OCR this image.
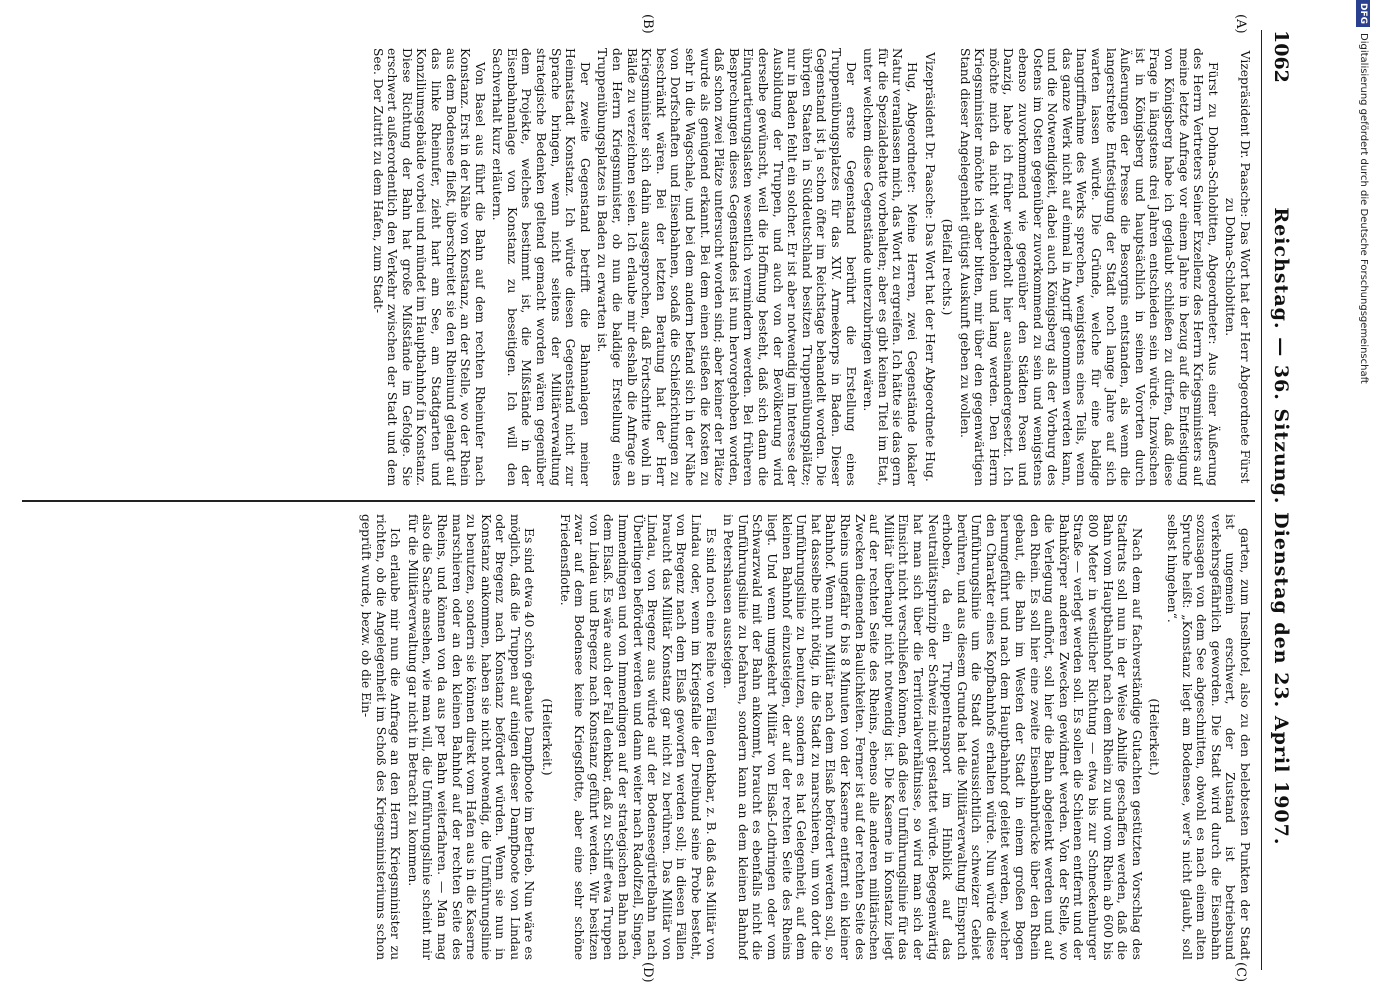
1062
Reichstag. — 36. Sitzung. Dienstag den 23. April 1907.
(A)
(B)
(C)
(D)

Vizepräsident Dr. Paasche: Das Wort hat der Herr Abgeordnete Fürst zu Dohna-Schlobitten.

Fürst zu Dohna-Schlobitten, Abgeordneter: Aus einer Äußerung des Herrn Vertreters Seiner Exzellenz des Herrn Kriegsministers auf meine letzte Anfrage vor einem Jahre in bezug auf die Entfestigung von Königsberg habe ich geglaubt schließen zu dürfen, daß diese Frage in längstens drei Jahren entschieden sein würde. Inzwischen ist in Königsberg und hauptsächlich in seinen Vororten durch Äußerungen der Presse die Besorgnis entstanden, als wenn die langerstrebte Entfestigung der Stadt noch lange Jahre auf sich warten lassen würde. Die Gründe, welche für eine baldige Inangriffnahme des Werks sprechen, wenigstens eines Teils, wenn das ganze Werk nicht auf einmal in Angriff genommen werden kann, und die Notwendigkeit, dabei auch Königsberg als der Vorburg des Ostens im Osten gegenüber zuvorkommend zu sein und wenigstens ebenso zuvorkommend wie gegenüber den Städten Posen und Danzig, habe ich früher wiederholt hier auseinandergesetzt. Ich möchte mich da nicht wiederholen und lang werden. Den Herrn Kriegsminister möchte ich aber bitten, mir über den gegenwärtigen Stand dieser Angelegenheit gütigst Auskunft geben zu wollen.

(Beifall rechts.)

Vizepräsident Dr. Paasche: Das Wort hat der Herr Abgeordnete Hug.

Hug, Abgeordneter: Meine Herren, zwei Gegenstände lokaler Natur veranlassen mich, das Wort zu ergreifen. Ich hätte sie das gern für die Spezialdebatte vorbehalten; aber es gibt keinen Titel im Etat, unter welchem diese Gegenstände unterzubringen wären.

Der erste Gegenstand berührt die Erstellung eines Truppenübungsplatzes für das XIV. Armeekorps in Baden. Dieser Gegenstand ist ja schon öfter im Reichstage behandelt worden. Die übrigen Staaten in Süddeutschland besitzen Truppenübungsplätze; nur in Baden fehlt ein solcher. Er ist aber notwendig im Interesse der Ausbildung der Truppen, und auch von der Bevölkerung wird derselbe gewünscht, weil die Hoffnung besteht, daß sich dann die Einquartierungslasten wesentlich vermindern werden. Bei früheren Besprechungen dieses Gegenstandes ist nun hervorgehoben worden, daß schon zwei Plätze untersucht worden sind; aber keiner der Plätze wurde als genügend erkannt. Bei dem einen stießen die Kosten zu sehr in die Wagschale, und bei dem andern befand sich in der Nähe von Dorfschaften und Eisenbahnen, sodaß die Schießrichtungen zu beschränkt wären. Bei der letzten Beratung hat der Herr Kriegsminister sich dahin ausgesprochen, daß Fortschritte wohl in Bälde zu verzeichnen seien. Ich erlaube mir deshalb die Anfrage an den Herrn Kriegsminister, ob nun die baldige Erstellung eines Truppenübungsplatzes in Baden zu erwarten ist.

Der zweite Gegenstand betrifft die Bahnanlagen meiner Heimatstadt Konstanz. Ich würde diesen Gegenstand nicht zur Sprache bringen, wenn nicht seitens der Militärverwaltung strategische Bedenken geltend gemacht worden wären gegenüber dem Projekte, welches bestimmt ist, die Mißstände in der Eisenbahnanlage von Konstanz zu beseitigen. Ich will den Sachverhalt kurz erläutern.

Von Basel aus führt die Bahn auf dem rechten Rheinufer nach Konstanz. Erst in der Nähe von Konstanz, an der Stelle, wo der Rhein aus dem Bodensee fließt, überschreitet sie den Rheinund gelangt auf das linke Rheinufer, zieht hart am See, am Stadtgarten und Konziliumsgebäude vorbei und mündet im Hauptbahnhof in Konstanz. Diese Richtung der Bahn hat große Mißstände im Gefolge. Sie erschwert außerordentlich den Verkehr zwischen der Stadt und dem See. Der Zutritt zu dem Hafen, zum Stadt-

garten, zum Inselhotel, also zu den belebtesten Punkten der Stadt ist ungemein erschwert, der Zustand ist betriebsund verkehrsgefährlich geworden. Die Stadt wird durch die Eisenbahn sozusagen von dem See abgeschnitten, obwohl es nach einem alten Spruche heißt: „Konstanz liegt am Bodensee, wer's nicht glaubt, soll selbst hingehen“.

(Heiterkeit.)

Nach dem auf fachverständige Gutachten gestützten Vorschlag des Stadtrats soll nun in der Weise Abhilfe geschaffen werden, daß die Bahn vom Hauptbahnhof nach dem Rhein zu und vom Rhein ab 600 bis 800 Meter in westlicher Richtung — etwa bis zur Schneckenburger Straße — verlegt werden soll. Es sollen die Schienen entfernt und der Bahnkörper anderen Zwecken gewidmet werden. Von der Stelle, wo die Verlegung aufhört, soll hier die Bahn abgelenkt werden und auf den Rhein. Es soll hier eine zweite Eisenbahnbrücke über den Rhein gebaut, die Bahn im Westen der Stadt in einem großen Bogen herumgeführt und nach dem Hauptbahnhof geleitet werden, welcher den Charakter eines Kopfbahnhofs erhalten würde. Nun würde diese Umführungslinie um die Stadt voraussichtlich schweizer Gebiet berühren, und aus diesem Grunde hat die Militärverwaltung Einspruch erhoben, da ein Truppentransport im Hinblick auf das Neutralitätsprinzip der Schweiz nicht gestattet würde. Begegenwärtig hat man sich über die Territorialverhältnisse, so wird man sich der Einsicht nicht verschließen können, daß diese Umführungslinie für das Militär überhaupt nicht notwendig ist. Die Kaserne in Konstanz liegt auf der rechten Seite des Rheins, ebenso alle anderen militärischen Zwecken dienenden Baulichkeiten. Ferner ist auf der rechten Seite des Rheins ungefähr 6 bis 8 Minuten von der Kaserne entfernt ein kleiner Bahnhof. Wenn nun Militär nach dem Elsaß befördert werden soll, so hat dasselbe nicht nötig, in die Stadt zu marschieren, um von dort die Umführungslinie zu benutzen, sondern es hat Gelegenheit, auf dem kleinen Bahnhof einzusteigen, der auf der rechten Seite des Rheins liegt. Und wenn umgekehrt Militär von Elsaß-Lothringen oder vom Schwarzwald mit der Bahn ankommt, braucht es ebenfalls nicht die Umführungslinie zu befahren, sondern kann an dem kleinen Bahnhof in Petershausen aussteigen.

Es sind noch eine Reihe von Fällen denkbar, z. B. daß das Militär von Lindau oder, wenn im Kriegsfalle der Dreibund seine Probe besteht, von Bregenz nach dem Elsaß geworfen werden soll; in diesen Fällen braucht das Militär Konstanz gar nicht zu berühren. Das Militär von Lindau, von Bregenz aus würde auf der Bodenseegürtelbahn nach Überlingen befördert werden und dann weiter nach Radolfzell, Singen, Immendingen und von Immendingen auf der strategischen Bahn nach dem Elsaß. Es wäre auch der Fall denkbar, daß zu Schiff etwa Truppen von Lindau und Bregenz nach Konstanz geführt werden. Wir besitzen zwar auf dem Bodensee keine Kriegsflotte, aber eine sehr schöne Friedensflotte.

(Heiterkeit.)

Es sind etwa 40 schön gebaute Dampfboote im Betrieb. Nun wäre es möglich, daß die Truppen auf einigen dieser Dampfboote von Lindau oder Bregenz nach Konstanz befördert würden. Wenn sie nun in Konstanz ankommen, haben sie nicht notwendig, die Umführungslinie zu benutzen, sondern sie können direkt vom Hafen aus in die Kaserne marschieren oder an den kleinen Bahnhof auf der rechten Seite des Rheins, und können von da aus per Bahn weiterfahren. — Man mag also die Sache ansehen, wie man will, die Umführungslinie scheint mir für die Militärverwaltung gar nicht in Betracht zu kommen.

Ich erlaube mir nun die Anfrage an den Herrn Kriegsminister zu richten, ob die Angelegenheit im Schoß des Kriegsministeriums schon geprüft wurde, bezw. ob die Ein-

DFGDigitalisierung gefördert durch die Deutsche Forschungsgemeinschaft
